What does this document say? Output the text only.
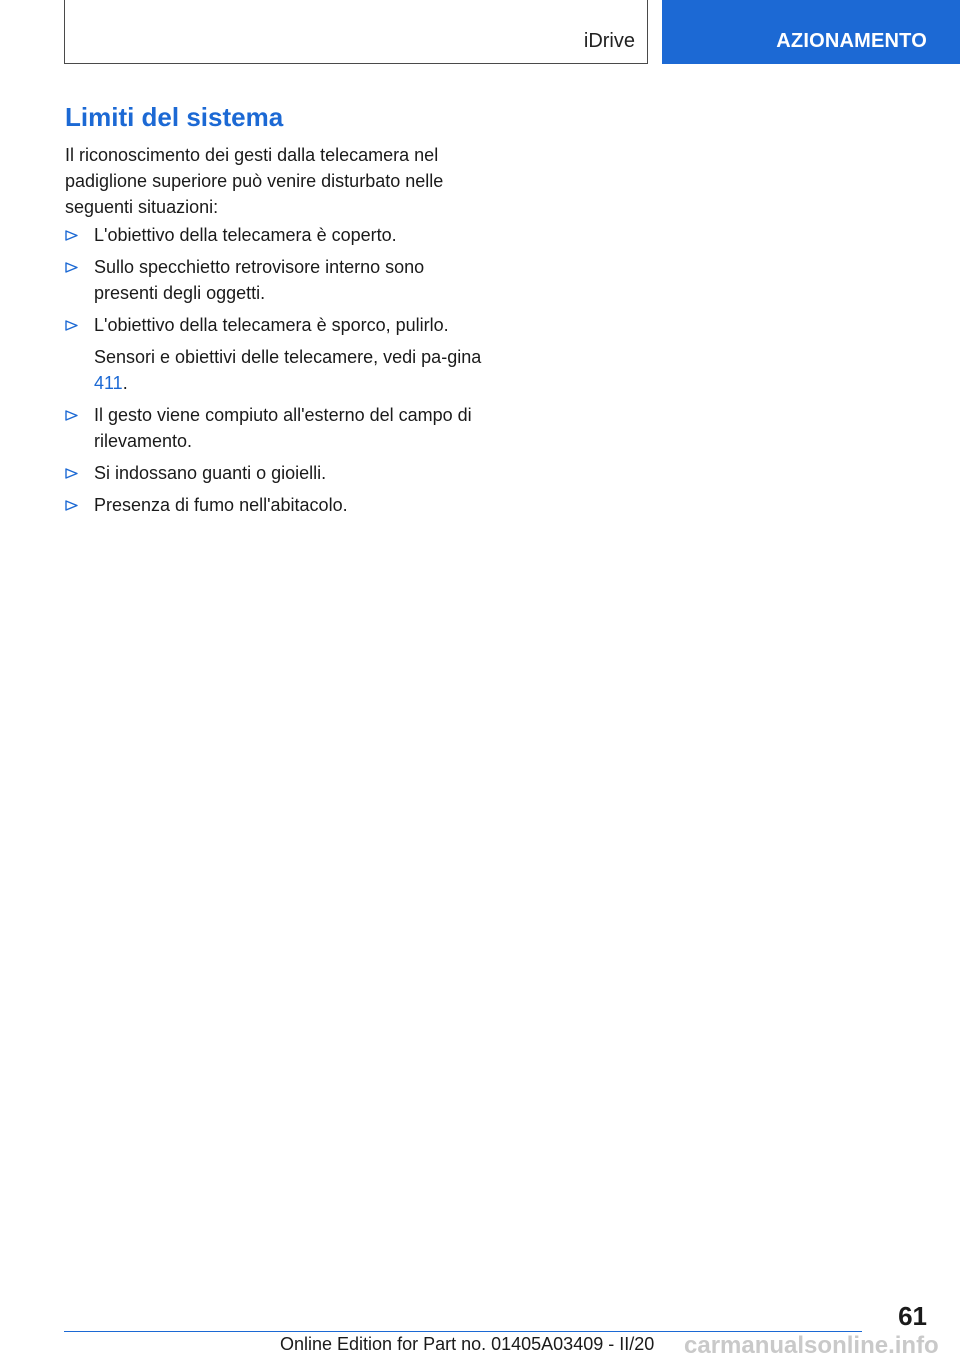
iDrive	AZIONAMENTO
Limiti del sistema

Il riconoscimento dei gesti dalla telecamera nel padiglione superiore può venire disturbato nelle seguenti situazioni:

L'obiettivo della telecamera è coperto.
Sullo specchietto retrovisore interno sono presenti degli oggetti.
L'obiettivo della telecamera è sporco, pulirlo.

Sensori e obiettivi delle telecamere, vedi pa-gina 411.

Il gesto viene compiuto all'esterno del campo di rilevamento.
Si indossano guanti o gioielli.
Presenza di fumo nell'abitacolo.
61
Online Edition for Part no. 01405A03409 - II/20 carmanualsonline.info
